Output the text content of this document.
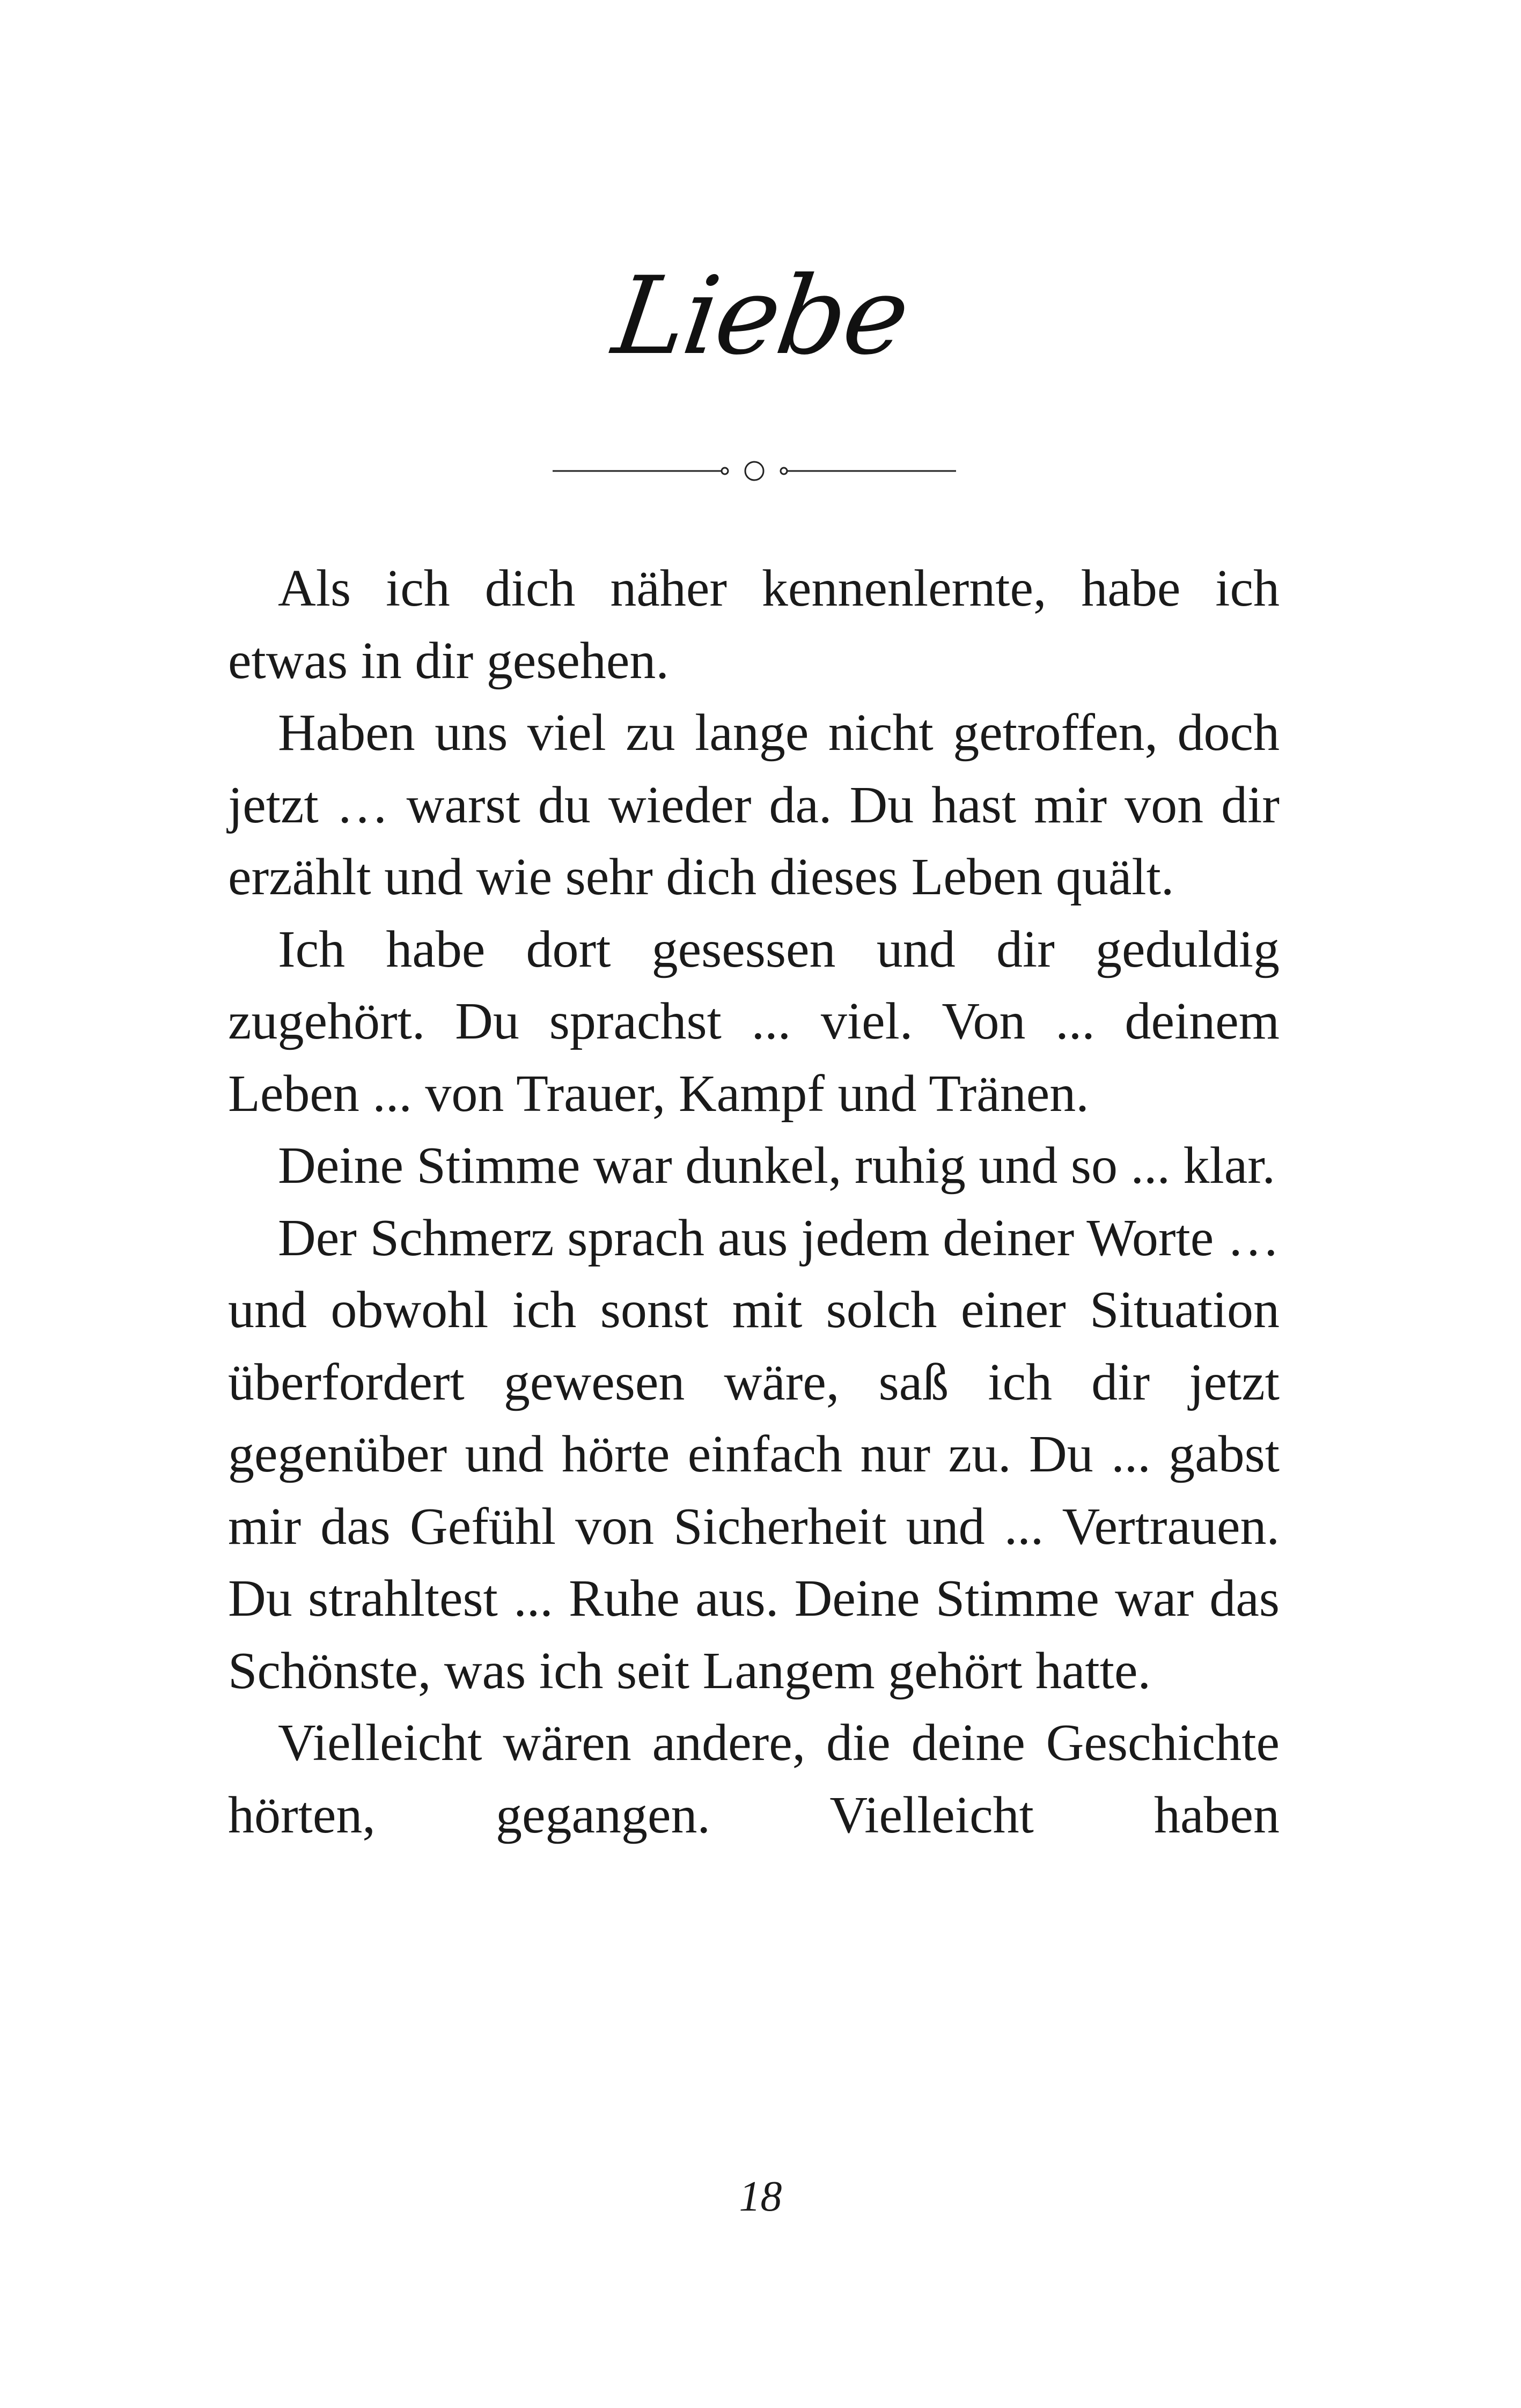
Liebe

Als ich dich näher kennenlernte, habe ich etwas in dir gesehen.

Haben uns viel zu lange nicht getroffen, doch jetzt … warst du wieder da. Du hast mir von dir erzählt und wie sehr dich dieses Leben quält.

Ich habe dort gesessen und dir geduldig zugehört. Du sprachst ... viel. Von ... deinem Leben ... von Trauer, Kampf und Tränen.

Deine Stimme war dunkel, ruhig und so ... klar.

Der Schmerz sprach aus jedem deiner Worte … und obwohl ich sonst mit solch einer Situation überfordert gewesen wäre, saß ich dir jetzt gegenüber und hörte einfach nur zu. Du ... gabst mir das Gefühl von Sicherheit und ... Vertrauen. Du strahltest ... Ruhe aus. Deine Stimme war das Schönste, was ich seit Langem gehört hatte.

Vielleicht wären andere, die deine Geschichte hörten, gegangen. Vielleicht haben

18
